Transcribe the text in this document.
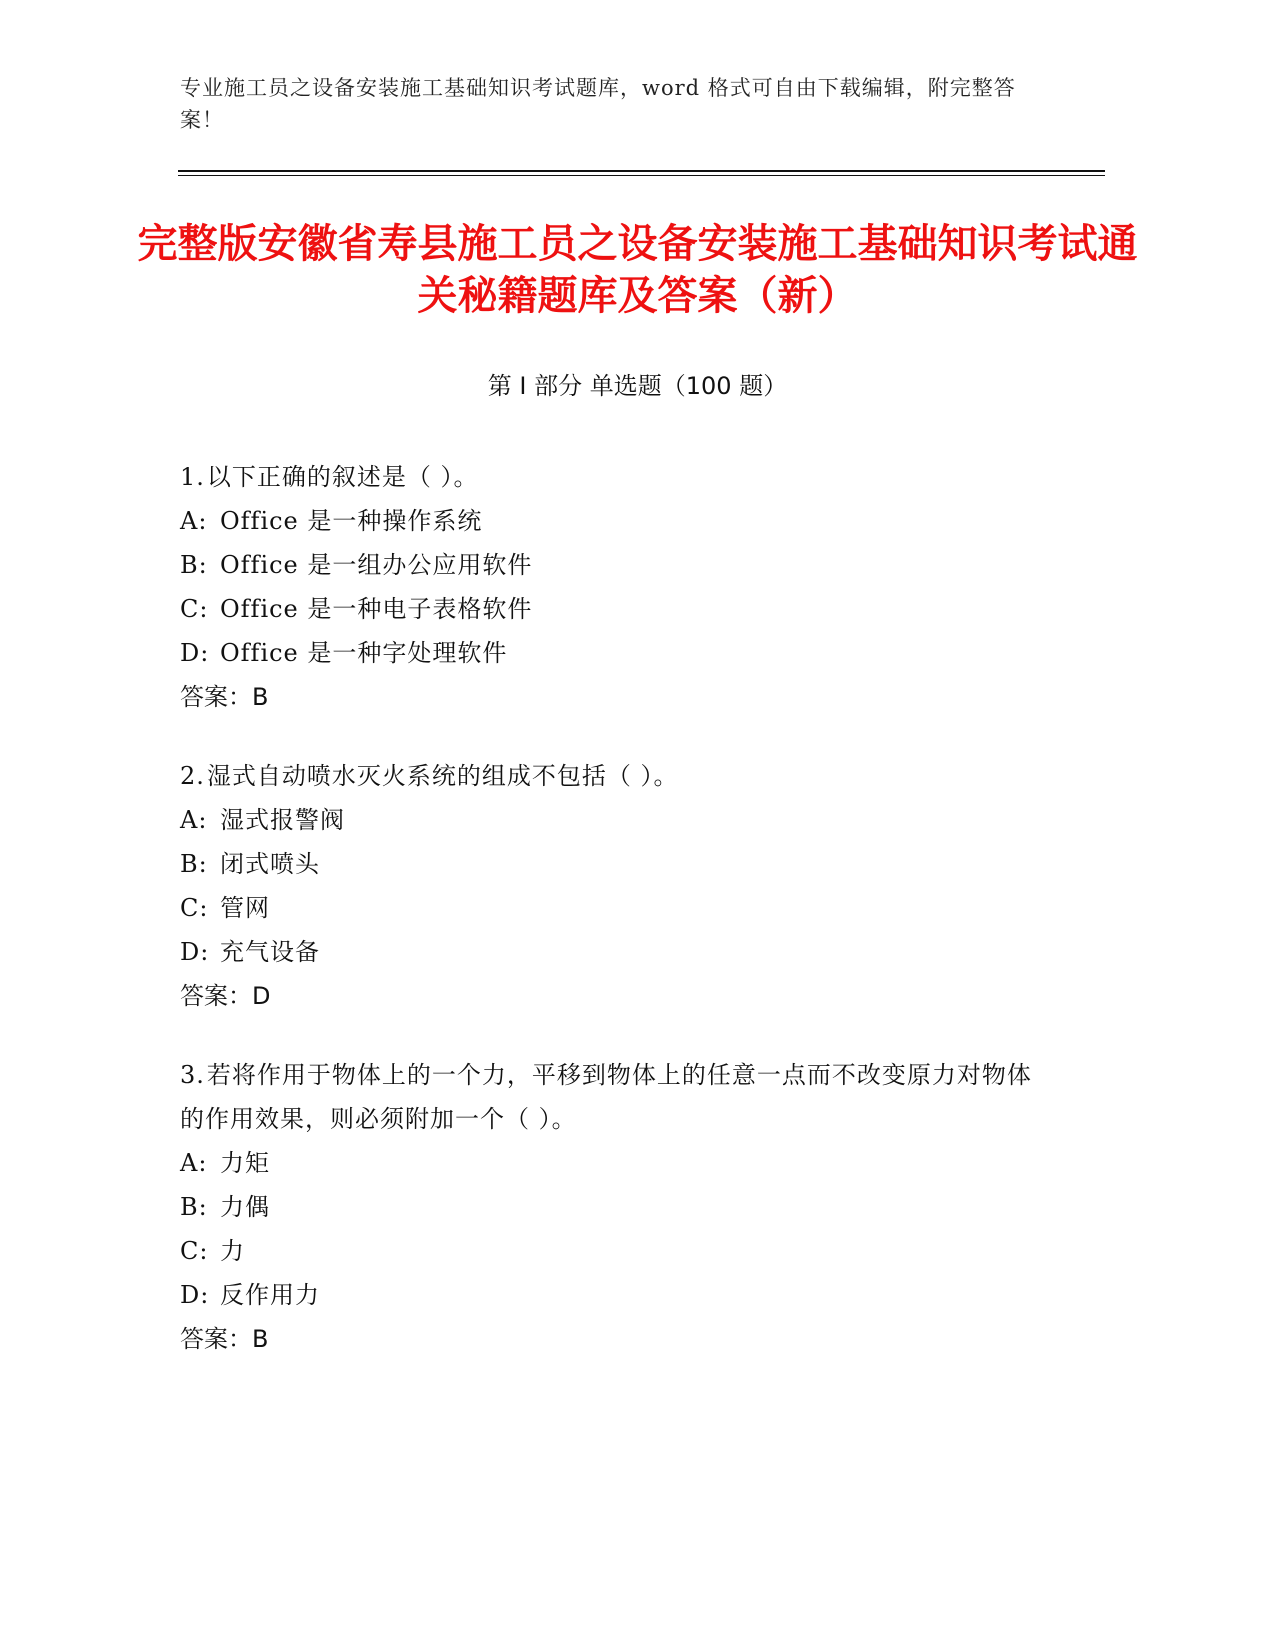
专业施工员之设备安装施工基础知识考试题库，word 格式可自由下载编辑，附完整答案！
完整版安徽省寿县施工员之设备安装施工基础知识考试通关秘籍题库及答案（新）
第 I 部分 单选题（100 题）
1.以下正确的叙述是（ ）。
A: Office 是一种操作系统
B: Office 是一组办公应用软件
C: Office 是一种电子表格软件
D: Office 是一种字处理软件
答案：B
2.湿式自动喷水灭火系统的组成不包括（ ）。
A: 湿式报警阀
B: 闭式喷头
C: 管网
D: 充气设备
答案：D
3.若将作用于物体上的一个力，平移到物体上的任意一点而不改变原力对物体的作用效果，则必须附加一个（ ）。
A: 力矩
B: 力偶
C: 力
D: 反作用力
答案：B
